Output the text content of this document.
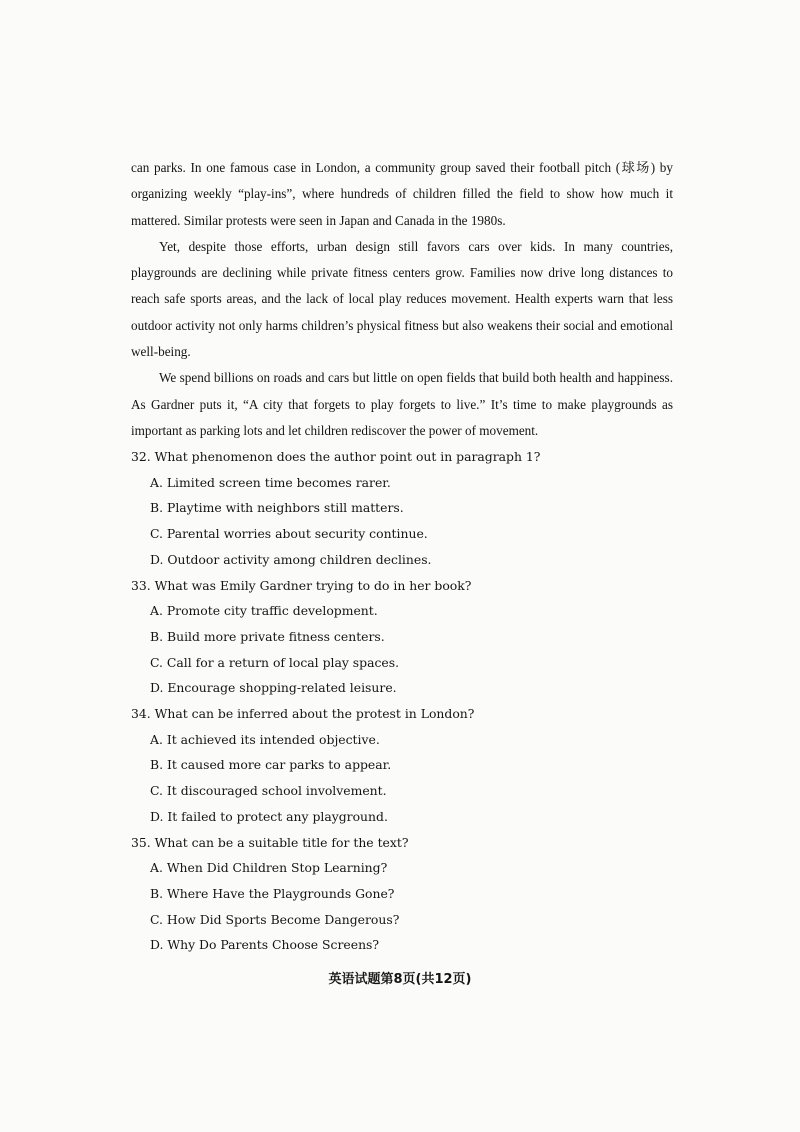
can parks. In one famous case in London, a community group saved their football pitch (球场) by organizing weekly “play-ins”, where hundreds of children filled the field to show how much it mattered. Similar protests were seen in Japan and Canada in the 1980s.

Yet, despite those efforts, urban design still favors cars over kids. In many countries, playgrounds are declining while private fitness centers grow. Families now drive long distances to reach safe sports areas, and the lack of local play reduces movement. Health experts warn that less outdoor activity not only harms children’s physical fitness but also weakens their social and emotional well-being.

We spend billions on roads and cars but little on open fields that build both health and happiness. As Gardner puts it, “A city that forgets to play forgets to live.” It’s time to make playgrounds as important as parking lots and let children rediscover the power of movement.

32. What phenomenon does the author point out in paragraph 1?
A. Limited screen time becomes rarer.
B. Playtime with neighbors still matters.
C. Parental worries about security continue.
D. Outdoor activity among children declines.
33. What was Emily Gardner trying to do in her book?
A. Promote city traffic development.
B. Build more private fitness centers.
C. Call for a return of local play spaces.
D. Encourage shopping-related leisure.
34. What can be inferred about the protest in London?
A. It achieved its intended objective.
B. It caused more car parks to appear.
C. It discouraged school involvement.
D. It failed to protect any playground.
35. What can be a suitable title for the text?
A. When Did Children Stop Learning?
B. Where Have the Playgrounds Gone?
C. How Did Sports Become Dangerous?
D. Why Do Parents Choose Screens?
英语试题第8页(共12页)
